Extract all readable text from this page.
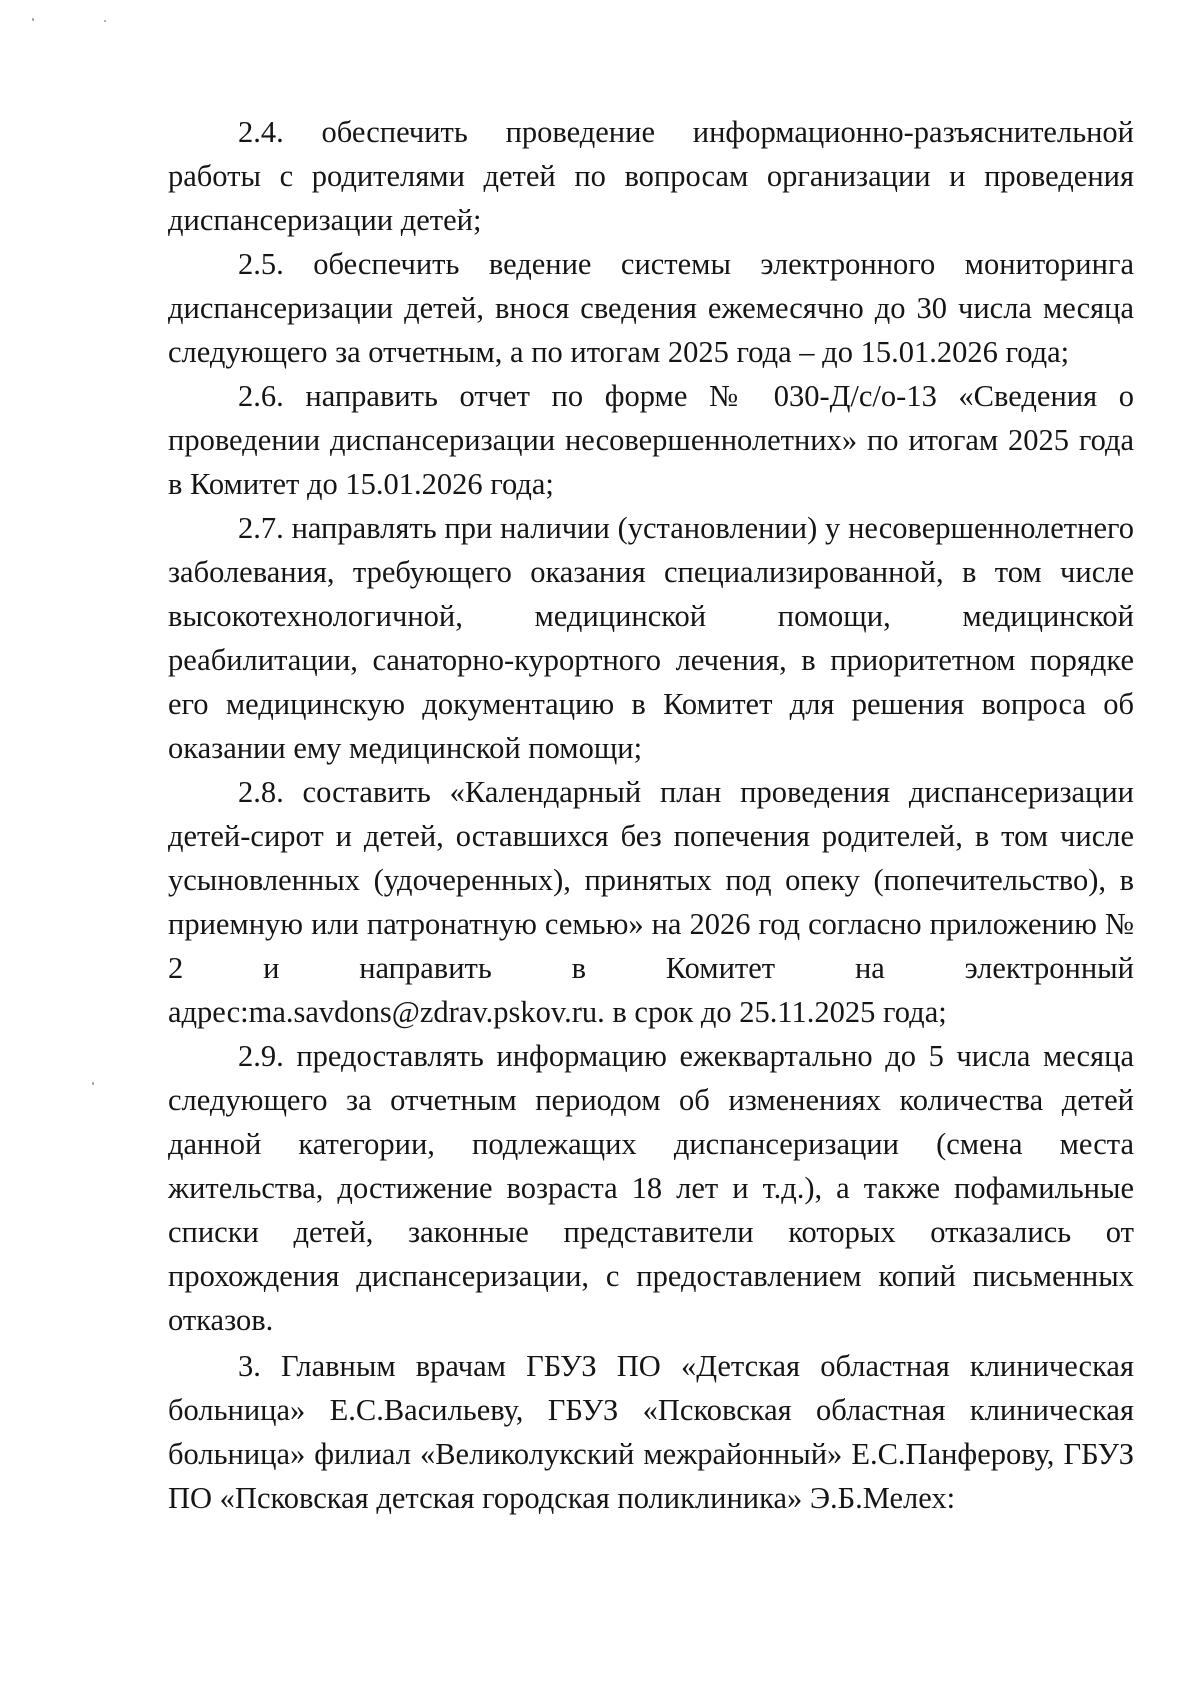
2.4. обеспечить проведение информационно-разъяснительной работы с родителями детей по вопросам организации и проведения диспансеризации детей;

2.5. обеспечить ведение системы электронного мониторинга диспансеризации детей, внося сведения ежемесячно до 30 числа месяца следующего за отчетным, а по итогам 2025 года – до 15.01.2026 года;

2.6. направить отчет по форме № 030-Д/с/о-13 «Сведения о проведении диспансеризации несовершеннолетних» по итогам 2025 года в Комитет до 15.01.2026 года;

2.7. направлять при наличии (установлении) у несовершеннолетнего заболевания, требующего оказания специализированной, в том числе высокотехнологичной, медицинской помощи, медицинской реабилитации, санаторно-курортного лечения, в приоритетном порядке его медицинскую документацию в Комитет для решения вопроса об оказании ему медицинской помощи;

2.8. составить «Календарный план проведения диспансеризации детей-сирот и детей, оставшихся без попечения родителей, в том числе усыновленных (удочеренных), принятых под опеку (попечительство), в приемную или патронатную семью» на 2026 год согласно приложению № 2 и направить в Комитет на электронный адрес:ma.savdons@zdrav.pskov.ru. в срок до 25.11.2025 года;

2.9. предоставлять информацию ежеквартально до 5 числа месяца следующего за отчетным периодом об изменениях количества детей данной категории, подлежащих диспансеризации (смена места жительства, достижение возраста 18 лет и т.д.), а также пофамильные списки детей, законные представители которых отказались от прохождения диспансеризации, с предоставлением копий письменных отказов.

3. Главным врачам ГБУЗ ПО «Детская областная клиническая больница» Е.С.Васильеву, ГБУЗ «Псковская областная клиническая больница» филиал «Великолукский межрайонный» Е.С.Панферову, ГБУЗ ПО «Псковская детская городская поликлиника» Э.Б.Мелех:
